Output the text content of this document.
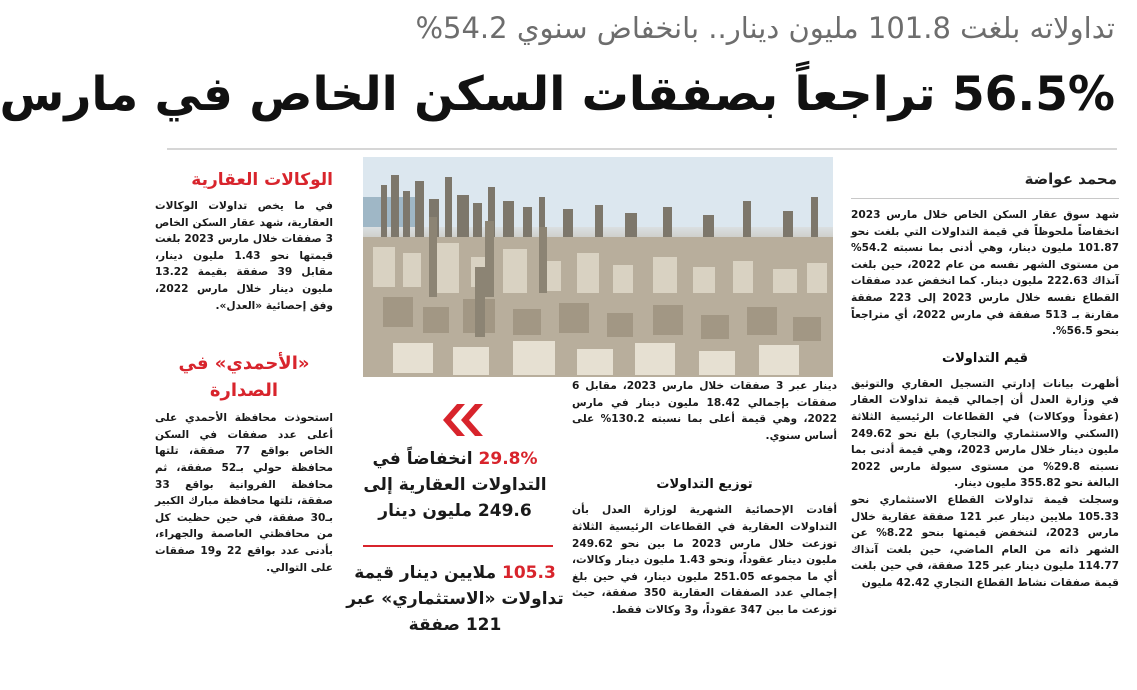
تداولاته بلغت 101.8 مليون دينار.. بانخفاض سنوي 54.2%
56.5% تراجعاً بصفقات السكن الخاص في مارس
محمد عواضة

شهد سوق عقار السكن الخاص خلال مارس 2023 انخفاضاً ملحوظاً في قيمة التداولات التي بلغت نحو 101.87 مليون دينار، وهي أدنى بما نسبته 54.2% من مستوى الشهر نفسه من عام 2022، حين بلغت آنذاك 222.63 مليون دينار. كما انخفض عدد صفقات القطاع نفسه خلال مارس 2023 إلى 223 صفقة مقارنة بـ 513 صفقة في مارس 2022، أي متراجعاً بنحو 56.5%.

قيم التداولات

أظهرت بيانات إدارتي التسجيل العقاري والتوثيق في وزارة العدل أن إجمالي قيمة تداولات العقار (عقوداً ووكالات) في القطاعات الرئيسية الثلاثة (السكني والاستثماري والتجاري) بلغ نحو 249.62 مليون دينار خلال مارس 2023، وهي قيمة أدنى بما نسبته 29.8% من مستوى سيولة مارس 2022 البالغة نحو 355.82 مليون دينار.

وسجلت قيمة تداولات القطاع الاستثماري نحو 105.33 ملايين دينار عبر 121 صفقة عقارية خلال مارس 2023، لتنخفض قيمتها بنحو 8.22% عن الشهر ذاته من العام الماضي، حين بلغت آنذاك 114.77 مليون دينار عبر 125 صفقة، في حين بلغت قيمة صفقات نشاط القطاع التجاري 42.42 مليون

29.8% انخفاضاً في التداولات العقارية إلى 249.6 مليون دينار
105.3 ملايين دينار قيمة تداولات «الاستثماري» عبر 121 صفقة

دينار عبر 3 صفقات خلال مارس 2023، مقابل 6 صفقات بإجمالي 18.42 مليون دينار في مارس 2022، وهي قيمة أعلى بما نسبته 130.2% على أساس سنوي.

توزيع التداولات

أفادت الإحصائية الشهرية لوزارة العدل بأن التداولات العقارية في القطاعات الرئيسية الثلاثة توزعت خلال مارس 2023 ما بين نحو 249.62 مليون دينار عقوداً، ونحو 1.43 مليون دينار وكالات، أي ما مجموعه 251.05 مليون دينار، في حين بلغ إجمالي عدد الصفقات العقارية 350 صفقة، حيث توزعت ما بين 347 عقوداً، و3 وكالات فقط.

الوكالات العقارية

في ما يخص تداولات الوكالات العقارية، شهد عقار السكن الخاص 3 صفقات خلال مارس 2023 بلغت قيمتها نحو 1.43 مليون دينار، مقابل 39 صفقة بقيمة 13.22 مليون دينار خلال مارس 2022، وفق إحصائية «العدل».

«الأحمدي» في الصدارة

استحوذت محافظة الأحمدي على أعلى عدد صفقات في السكن الخاص بواقع 77 صفقة، تلتها محافظة حولي بـ52 صفقة، ثم محافظة الفروانية بواقع 33 صفقة، تلتها محافظة مبارك الكبير بـ30 صفقة، في حين حظيت كل من محافظتي العاصمة والجهراء، بأدنى عدد بواقع 22 و19 صفقات على التوالي.
